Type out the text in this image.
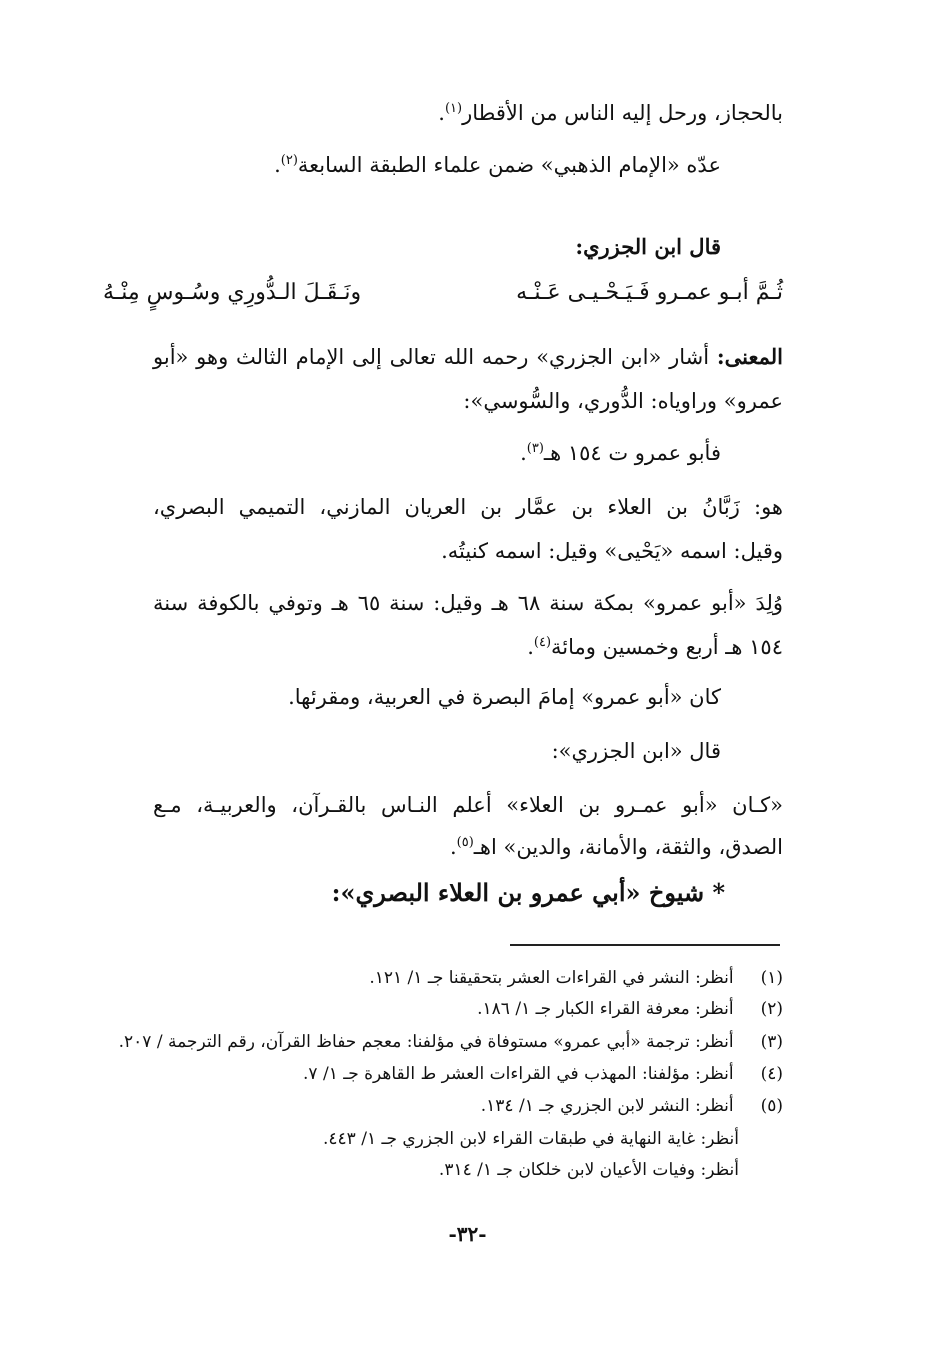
بالحجاز، ورحل إليه الناس من الأقطار$^{(١)}$.
عدّه «الإمام الذهبي» ضمن علماء الطبقة السابعة$^{(٢)}$.
قال ابن الجزري:
ثُـمَّ أبـو عمـرو فَـيَـحْـيـى عَـنْـه
ونَـقَـلَ الـدُّورِي وسُـوسٍ مِنْـهُ
المعنى: أشار «ابن الجزري» رحمه الله تعالى إلى الإمام الثالث وهو «أبو
عمرو» وراوياه: الدُّوري، والسُّوسي»:
فأبو عمرو ت ١٥٤ هـ$^{(٣)}$.
هو: زَبَّانُ بن العلاء بن عمَّار بن العريان المازني، التميمي البصري،
وقيل: اسمه «يَحْيى» وقيل: اسمه كنيتُه.
وُلِدَ «أبو عمرو» بمكة سنة ٦٨ هـ وقيل: سنة ٦٥ هـ وتوفي بالكوفة سنة
١٥٤ هـ أربع وخمسين ومائة$^{(٤)}$.
كان «أبو عمرو» إمامَ البصرة في العربية، ومقرئها.
قال «ابن الجزري»:
«كـان «أبو عمـرو بن العلاء» أعلم النـاس بالقـرآن، والعربيـة، مـع
الصدق، والثقة، والأمانة، والدين» اهـ$^{(٥)}$.
* شيوخ «أبي عمرو بن العلاء البصري»:
(١) أنظر: النشر في القراءات العشر بتحقيقنا جـ ١/ ١٢١.
(٢) أنظر: معرفة القراء الكبار جـ ١/ ١٨٦.
(٣) أنظر: ترجمة «أبي عمرو» مستوفاة في مؤلفنا: معجم حفاظ القرآن، رقم الترجمة / ٢٠٧.
(٤) أنظر: مؤلفنا: المهذب في القراءات العشر ط القاهرة جـ ١/ ٧.
(٥) أنظر: النشر لابن الجزري جـ ١/ ١٣٤.
أنظر: غاية النهاية في طبقات القراء لابن الجزري جـ ١/ ٤٤٣.
أنظر: وفيات الأعيان لابن خلكان جـ ١/ ٣١٤.
-٣٢-
